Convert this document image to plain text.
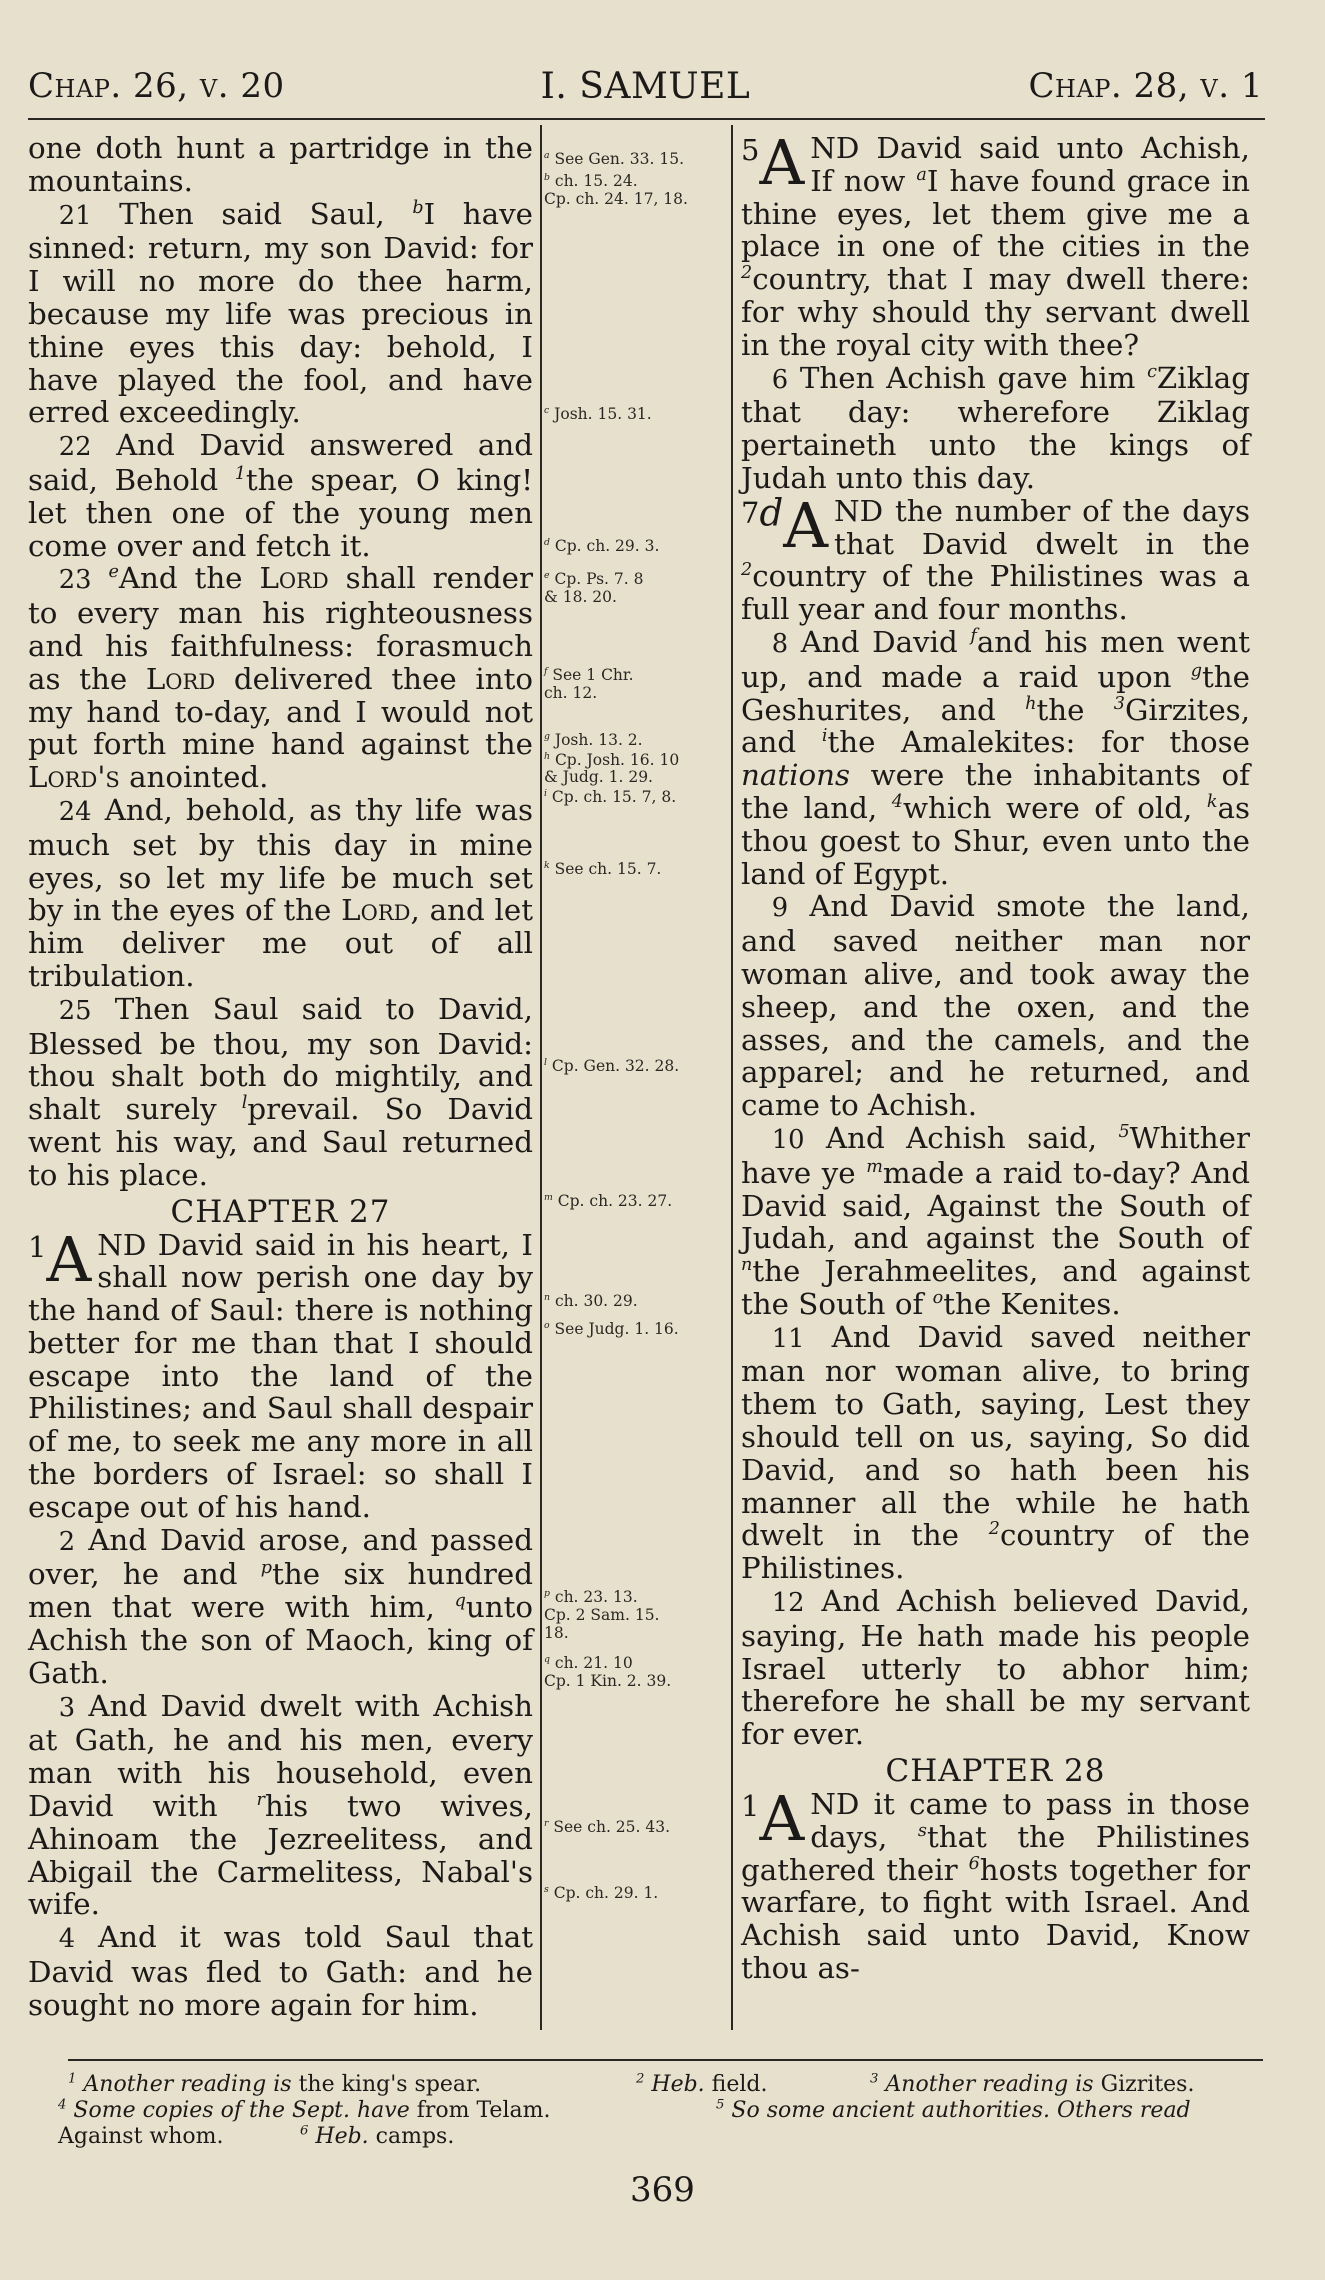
Chap. 26, v. 20	I. SAMUEL	Chap. 28, v. 1

one doth hunt a partridge in the mountains.

21 Then said Saul, $^b$I have sinned: return, my son David: for I will no more do thee harm, because my life was precious in thine eyes this day: behold, I have played the fool, and have erred exceedingly.

22 And David answered and said, Behold $^1$the spear, O king! let then one of the young men come over and fetch it.

23 $^e$And the Lord shall render to every man his righteousness and his faithfulness: forasmuch as the Lord delivered thee into my hand to-day, and I would not put forth mine hand against the Lord's anointed.

24 And, behold, as thy life was much set by this day in mine eyes, so let my life be much set by in the eyes of the Lord, and let him deliver me out of all tribulation.

25 Then Saul said to David, Blessed be thou, my son David: thou shalt both do mightily, and shalt surely $^l$prevail. So David went his way, and Saul returned to his place.

CHAPTER 27

$^1$A ND David said in his heart, I shall now perish one day by the hand of Saul: there is nothing better for me than that I should escape into the land of the Philistines; and Saul shall despair of me, to seek me any more in all the borders of Israel: so shall I escape out of his hand.

2 And David arose, and passed over, he and $^p$the six hundred men that were with him, $^q$unto Achish the son of Maoch, king of Gath.

3 And David dwelt with Achish at Gath, he and his men, every man with his household, even David with $^r$his two wives, Ahinoam the Jezreelitess, and Abigail the Carmelitess, Nabal's wife.

4 And it was told Saul that David was fled to Gath: and he sought no more again for him.

$^a$ See Gen. 33. 15.
$^b$ ch. 15. 24.
Cp. ch. 24. 17, 18.
$^c$ Josh. 15. 31.
$^d$ Cp. ch. 29. 3.
$^e$ Cp. Ps. 7. 8
& 18. 20.
$^f$ See 1 Chr.
ch. 12.
$^g$ Josh. 13. 2.
$^h$ Cp. Josh. 16. 10
& Judg. 1. 29.
$^i$ Cp. ch. 15. 7, 8.
$^k$ See ch. 15. 7.
$^l$ Cp. Gen. 32. 28.
$^m$ Cp. ch. 23. 27.
$^n$ ch. 30. 29.
$^o$ See Judg. 1. 16.
$^p$ ch. 23. 13.
Cp. 2 Sam. 15.
18.
$^q$ ch. 21. 10
Cp. 1 Kin. 2. 39.
$^r$ See ch. 25. 43.
$^s$ Cp. ch. 29. 1.

$^5$A ND David said unto Achish, If now $^a$I have found grace in thine eyes, let them give me a place in one of the cities in the $^2$country, that I may dwell there: for why should thy servant dwell in the royal city with thee?

6 Then Achish gave him $^c$Ziklag that day: wherefore Ziklag pertaineth unto the kings of Judah unto this day.

$^{7d}$A ND the number of the days that David dwelt in the $^2$country of the Philistines was a full year and four months.

8 And David $^f$and his men went up, and made a raid upon $^g$the Geshurites, and $^h$the $^3$Girzites, and $^i$the Amalekites: for those nations were the inhabitants of the land, $^4$which were of old, $^k$as thou goest to Shur, even unto the land of Egypt.

9 And David smote the land, and saved neither man nor woman alive, and took away the sheep, and the oxen, and the asses, and the camels, and the apparel; and he returned, and came to Achish.

10 And Achish said, $^5$Whither have ye $^m$made a raid to-day? And David said, Against the South of Judah, and against the South of $^n$the Jerahmeelites, and against the South of $^o$the Kenites.

11 And David saved neither man nor woman alive, to bring them to Gath, saying, Lest they should tell on us, saying, So did David, and so hath been his manner all the while he hath dwelt in the $^2$country of the Philistines.

12 And Achish believed David, saying, He hath made his people Israel utterly to abhor him; therefore he shall be my servant for ever.

CHAPTER 28

$^1$A ND it came to pass in those days, $^s$that the Philistines gathered their $^6$hosts together for warfare, to fight with Israel. And Achish said unto David, Know thou as-

$^1$ Another reading is the king's spear.	$^2$ Heb. field.	$^3$ Another reading is Gizrites.
$^4$ Some copies of the Sept. have from Telam.	$^5$ So some ancient authorities. Others read
Against whom.	$^6$ Heb. camps.
369
